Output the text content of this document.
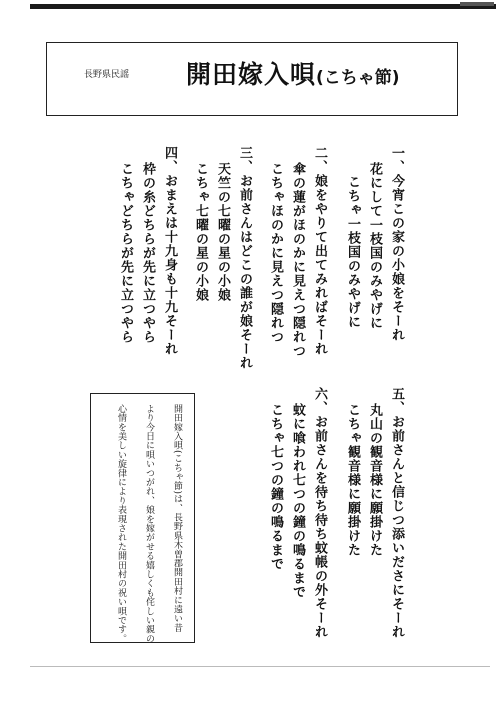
長野県民謡 開田嫁入唄(こちゃ節)
一、今宵この家の小娘をそーれ
花にして一枝国のみやげに
こちゃ一枝国のみやげに
二、娘をやりて出てみればそーれ
傘の蓮がほのかに見えつ隠れつ
こちゃほのかに見えつ隠れつ
三、お前さんはどこの誰が娘そーれ
天竺の七曜の星の小娘
こちゃ七曜の星の小娘
四、おまえは十九身も十九そーれ
枠の糸どちらが先に立つやら
こちゃどちらが先に立つやら
五、お前さんと信じつ添いださにそーれ
丸山の観音様に願掛けた
こちゃ観音様に願掛けた
六、お前さんを待ち待ち蚊帳の外そーれ
蚊に喰われ七つの鐘の鳴るまで
こちゃ七つの鐘の鳴るまで
開田嫁入唄(こちゃ節)は、長野県木曽郡開田村に遠い昔
より今日に唄いつがれ、娘を嫁がせる嬉しくも侘しい親の
心情を美しい旋律により表現された開田村の祝い唄です。
